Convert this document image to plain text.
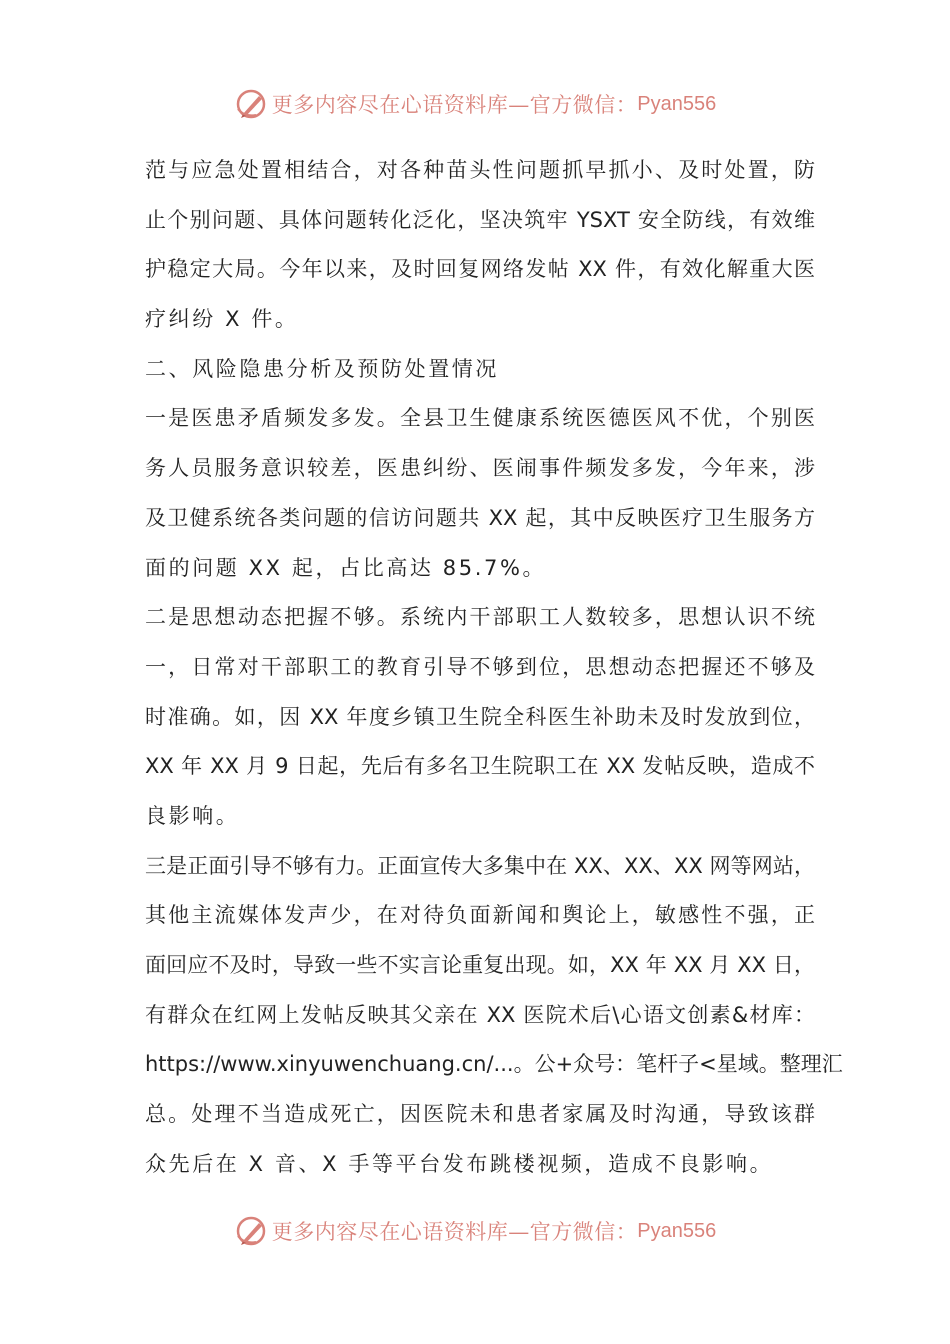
更多内容尽在心语资料库—官方微信： Pyan556
范与应急处置相结合，对各种苗头性问题抓早抓小、及时处置，防
止个别问题、具体问题转化泛化，坚决筑牢 YSXT 安全防线，有效维
护稳定大局。今年以来，及时回复网络发帖 XX 件，有效化解重大医
疗纠纷 X 件。
二、风险隐患分析及预防处置情况
一是医患矛盾频发多发。全县卫生健康系统医德医风不优，个别医
务人员服务意识较差，医患纠纷、医闹事件频发多发，今年来，涉
及卫健系统各类问题的信访问题共 XX 起，其中反映医疗卫生服务方
面的问题 XX 起，占比高达 85.7%。
二是思想动态把握不够。系统内干部职工人数较多，思想认识不统
一，日常对干部职工的教育引导不够到位，思想动态把握还不够及
时准确。如，因 XX 年度乡镇卫生院全科医生补助未及时发放到位，
XX 年 XX 月 9 日起，先后有多名卫生院职工在 XX 发帖反映，造成不
良影响。
三是正面引导不够有力。正面宣传大多集中在 XX、XX、XX 网等网站，
其他主流媒体发声少，在对待负面新闻和舆论上，敏感性不强，正
面回应不及时，导致一些不实言论重复出现。如，XX 年 XX 月 XX 日，
有群众在红网上发帖反映其父亲在 XX 医院术后\心语文创素&材库：
https://www.xinyuwenchuang.cn/...。公+众号：笔杆子<星域。整理汇
总。处理不当造成死亡，因医院未和患者家属及时沟通，导致该群
众先后在 X 音、X 手等平台发布跳楼视频，造成不良影响。
更多内容尽在心语资料库—官方微信： Pyan556
